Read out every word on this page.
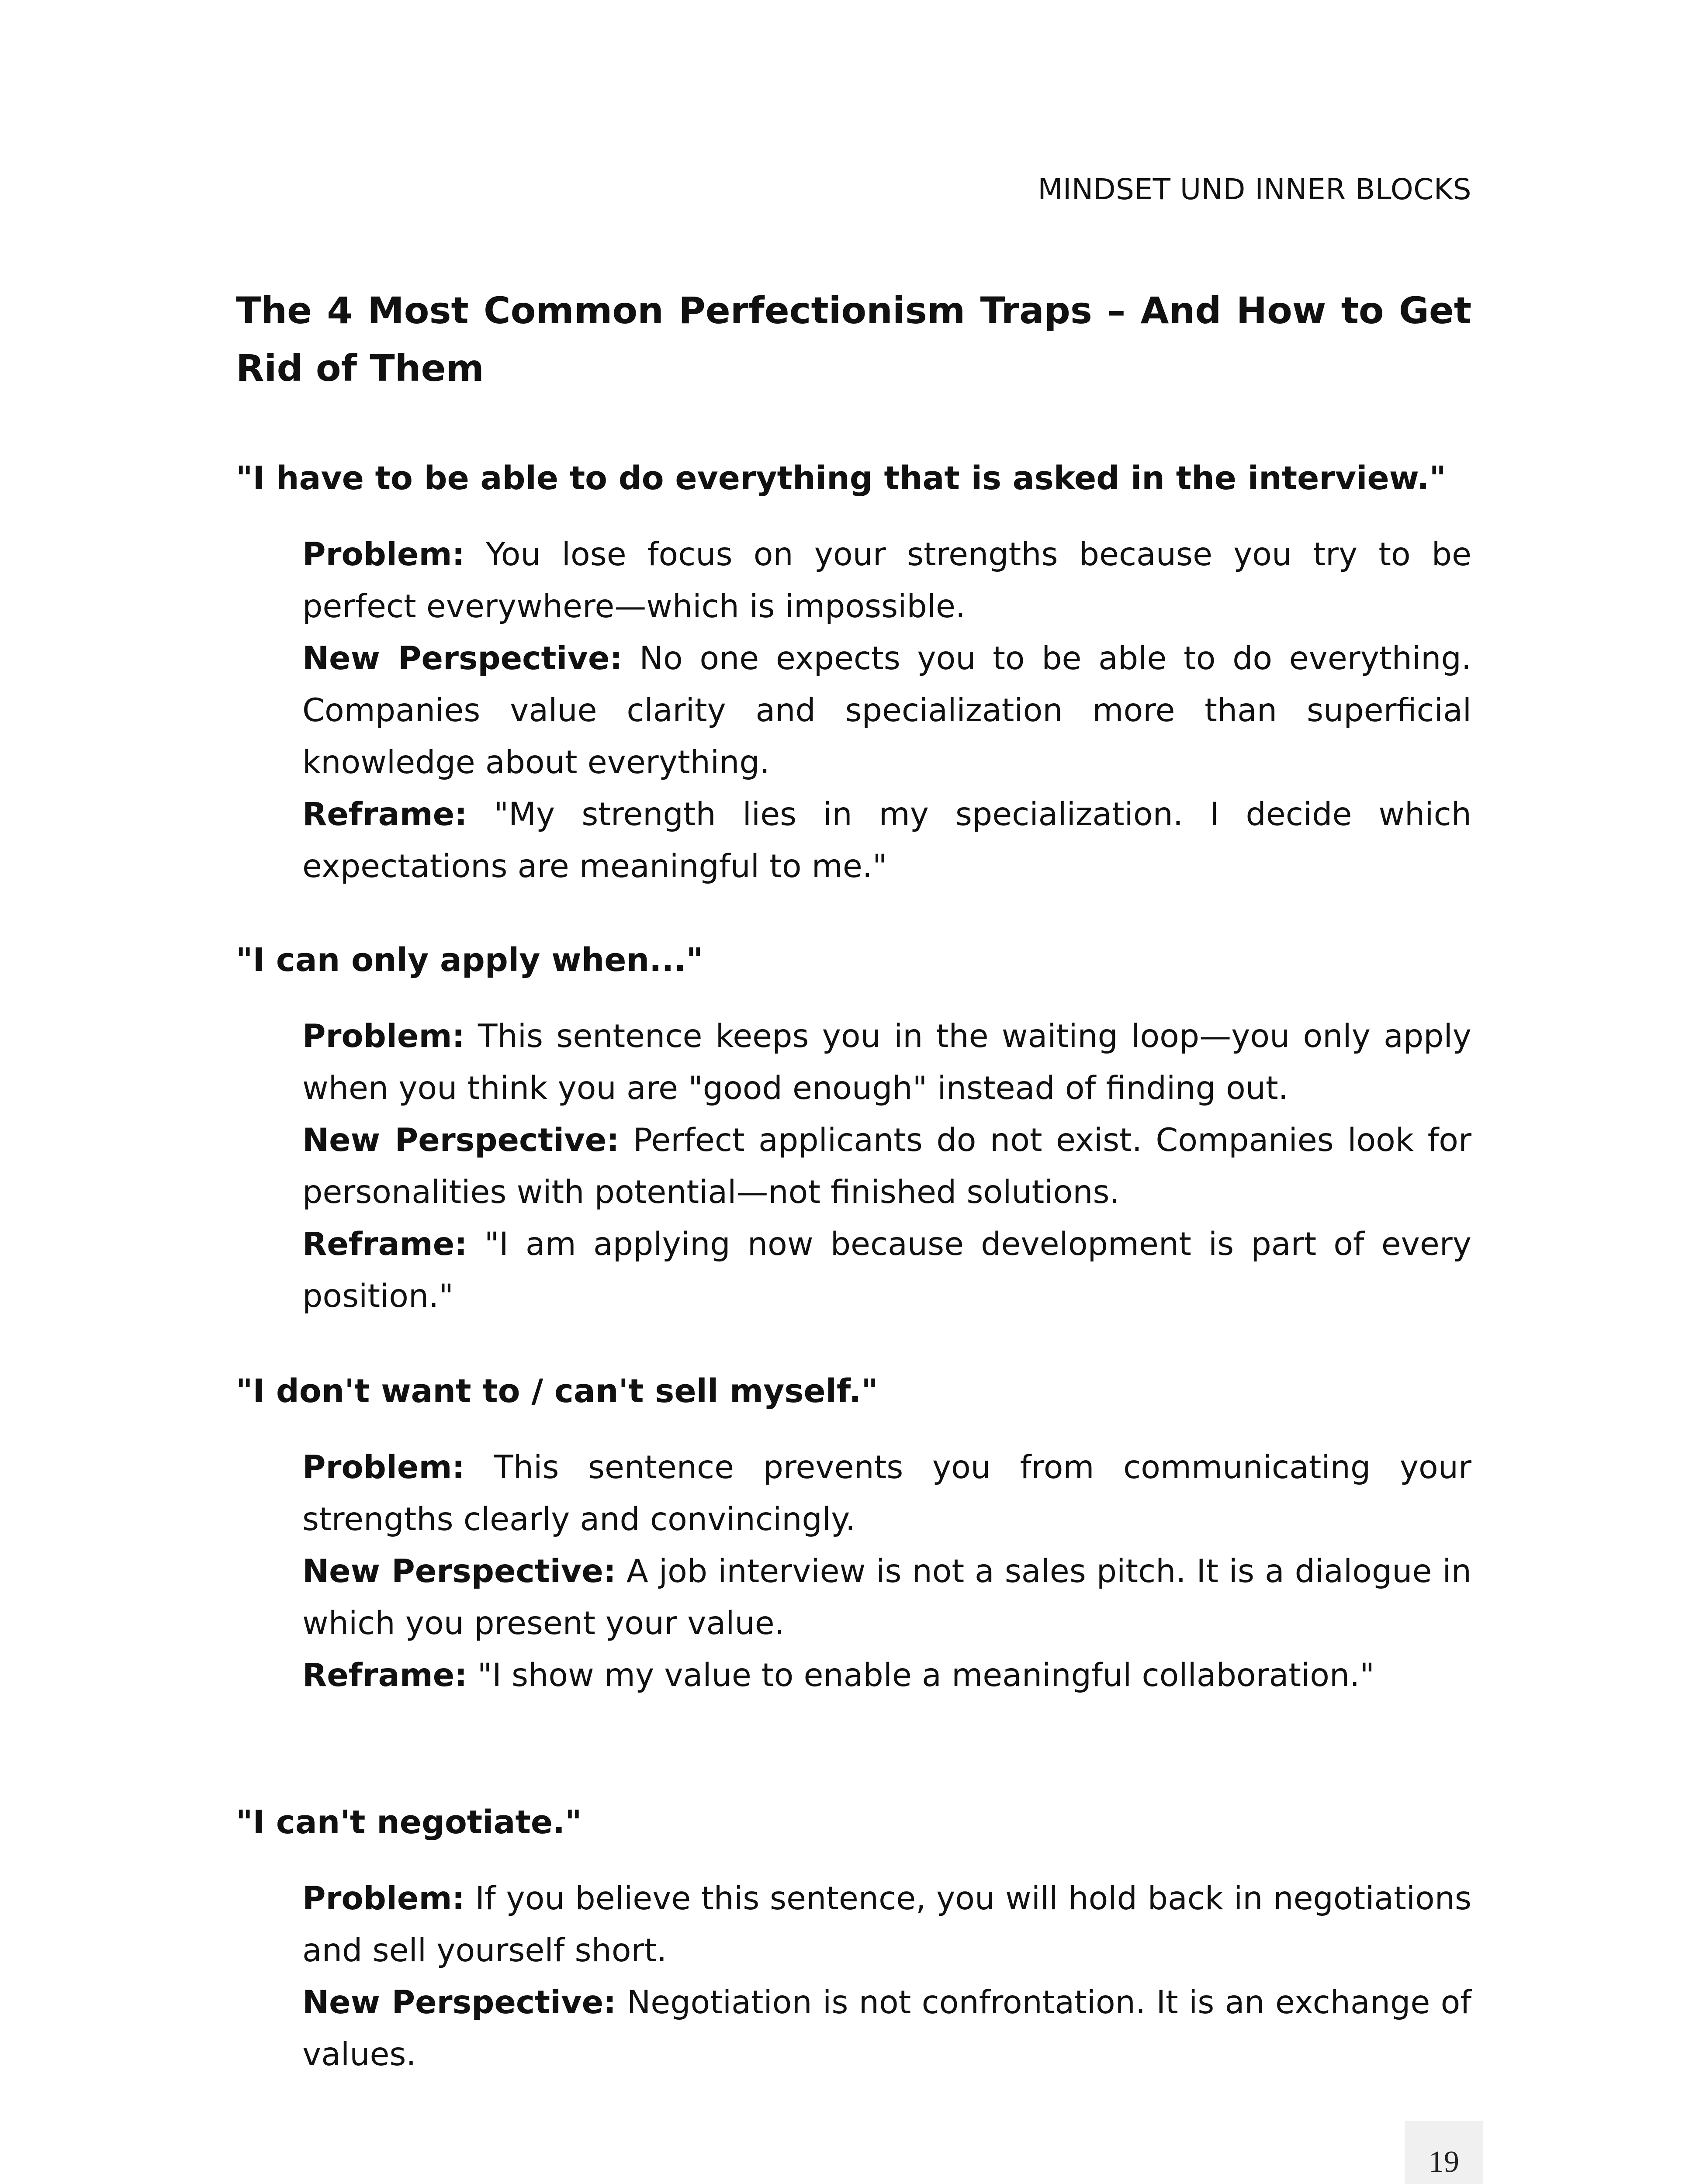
MINDSET UND INNER BLOCKS
The 4 Most Common Perfectionism Traps – And How to Get Rid of Them
"I have to be able to do everything that is asked in the interview."

Problem: You lose focus on your strengths because you try to be perfect everywhere—which is impossible.

New Perspective: No one expects you to be able to do everything. Companies value clarity and specialization more than superficial knowledge about everything.

Reframe: "My strength lies in my specialization. I decide which expectations are meaningful to me."

"I can only apply when..."

Problem: This sentence keeps you in the waiting loop—you only apply when you think you are "good enough" instead of finding out.

New Perspective: Perfect applicants do not exist. Companies look for personalities with potential—not finished solutions.

Reframe: "I am applying now because development is part of every position."

"I don't want to / can't sell myself."

Problem: This sentence prevents you from communicating your strengths clearly and convincingly.

New Perspective: A job interview is not a sales pitch. It is a dialogue in which you present your value.

Reframe: "I show my value to enable a meaningful collaboration."

"I can't negotiate."

Problem: If you believe this sentence, you will hold back in negotiations and sell yourself short.

New Perspective: Negotiation is not confrontation. It is an exchange of values.

19
